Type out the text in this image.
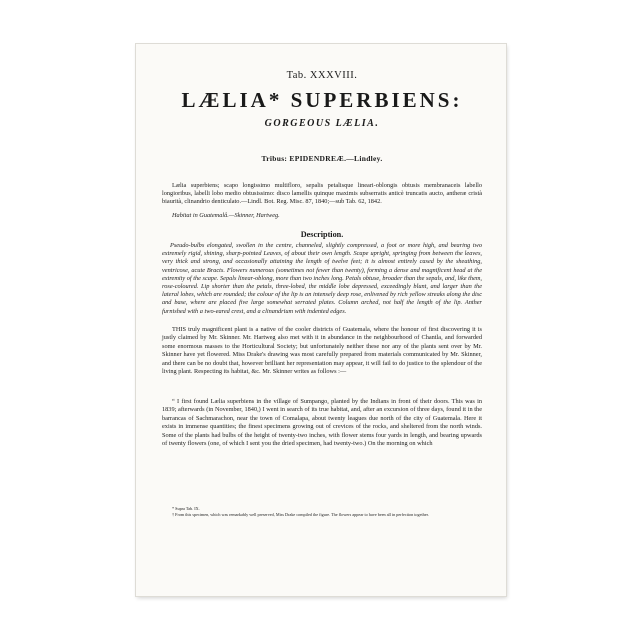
Tab. XXXVIII.
LÆLIA* SUPERBIENS:
GORGEOUS LÆLIA.
Tribus: EPIDENDREÆ.—Lindley.

Lælia superbiens; scapo longissimo multifloro, sepalis petalisque lineari-oblongis obtusis membranaceis labello longioribus, labelli lobo medio obtusissimo: disco lamellis quinque maximis subserratis anticè truncatis aucto, antheræ cristà biaurità, clinandrio denticulato.—Lindl. Bot. Reg. Misc. 87, 1840;—sub Tab. 62, 1842.

Habitat in Guatemalâ.—Skinner, Hartweg.

Description.

Pseudo-bulbs elongated, swollen in the centre, channeled, slightly compressed, a foot or more high, and bearing two extremely rigid, shining, sharp-pointed Leaves, of about their own length. Scape upright, springing from between the leaves, very thick and strong, and occasionally attaining the length of twelve feet; it is almost entirely cased by the sheathing, ventricose, acute Bracts. Flowers numerous (sometimes not fewer than twenty), forming a dense and magnificent head at the extremity of the scape. Sepals linear-oblong, more than two inches long. Petals obtuse, broader than the sepals, and, like them, rose-coloured. Lip shorter than the petals, three-lobed, the middle lobe depressed, exceedingly blunt, and larger than the lateral lobes, which are rounded; the colour of the lip is an intensely deep rose, enlivened by rich yellow streaks along the disc and base, where are placed five large somewhat serrated plates. Column arched, not half the length of the lip. Anther furnished with a two-eared crest, and a clinandrium with indented edges.

THIS truly magnificent plant is a native of the cooler districts of Guatemala, where the honour of first discovering it is justly claimed by Mr. Skinner. Mr. Hartweg also met with it in abundance in the neighbourhood of Chantla, and forwarded some enormous masses to the Horticultural Society; but unfortunately neither these nor any of the plants sent over by Mr. Skinner have yet flowered. Miss Drake's drawing was most carefully prepared from materials communicated by Mr. Skinner, and there can be no doubt that, however brilliant her representation may appear, it will fail to do justice to the splendour of the living plant. Respecting its habitat, &c. Mr. Skinner writes as follows :—

“ I first found Lælia superbiens in the village of Sumpango, planted by the Indians in front of their doors. This was in 1839; afterwards (in November, 1840,) I went in search of its true habitat, and, after an excursion of three days, found it in the barrancas of Sachmarachon, near the town of Comalapa, about twenty leagues due north of the city of Guatemala. Here it exists in immense quantities; the finest specimens growing out of crevices of the rocks, and sheltered from the north winds. Some of the plants had bulbs of the height of twenty-two inches, with flower stems four yards in length, and bearing upwards of twenty flowers (one, of which I sent you the dried specimen, had twenty-two.) On the morning on which

* Supra Tab. IX.
† From this specimen, which was remarkably well preserved, Miss Drake compiled the figure. The flowers appear to have been all in perfection together.
